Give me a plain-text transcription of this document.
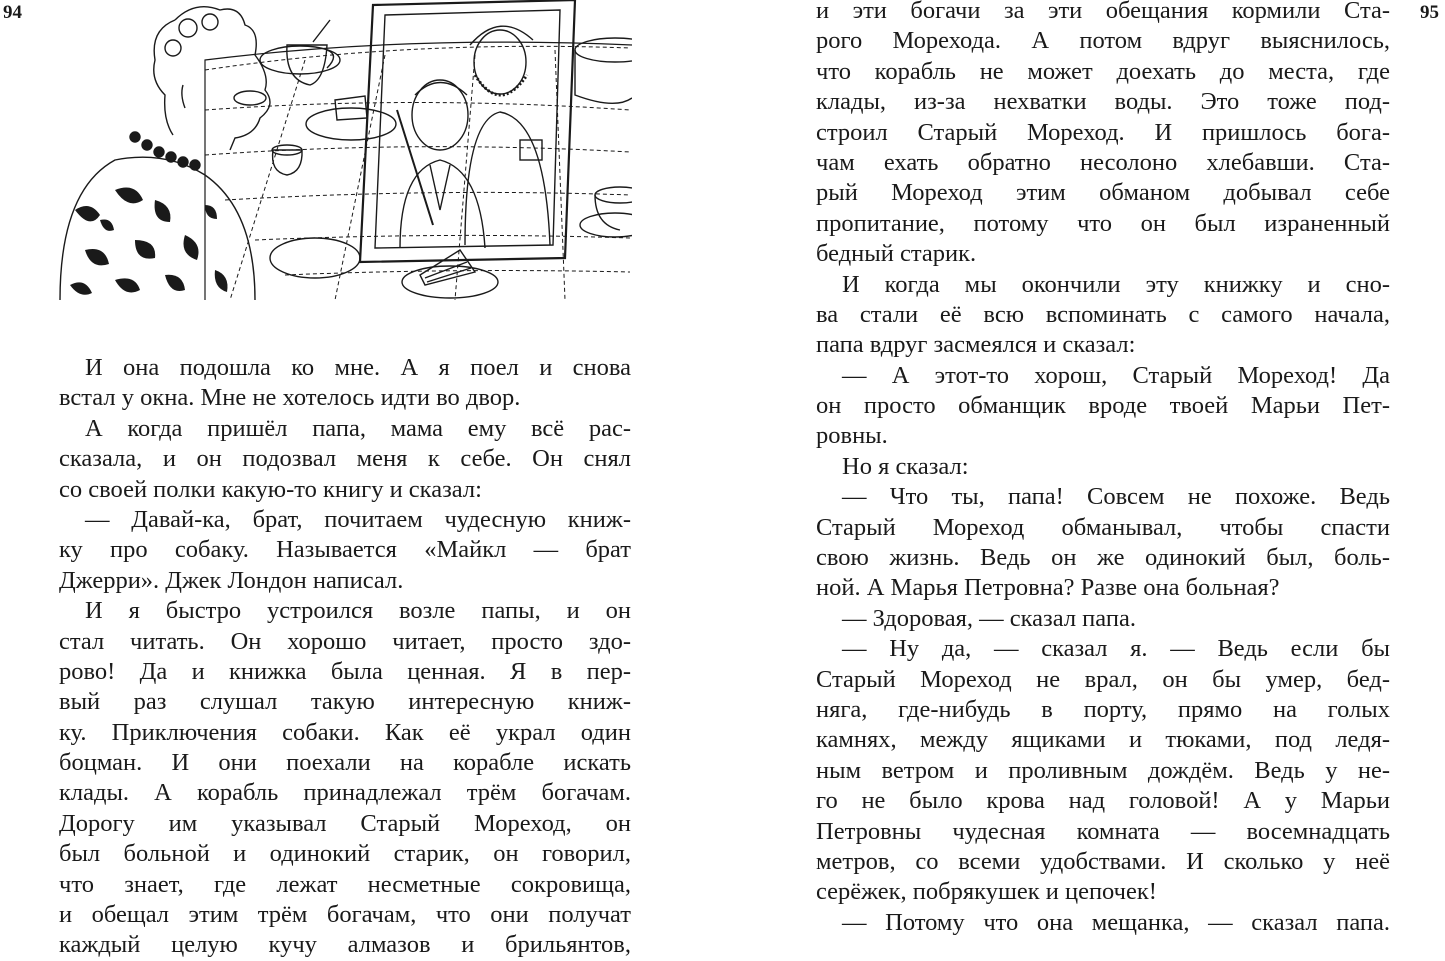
94	95
И она подошла ко мне. А я поел и снова
встал у окна. Мне не хотелось идти во двор.
А когда пришёл папа, мама ему всё рас-
сказала, и он подозвал меня к себе. Он снял
со своей полки какую-то книгу и сказал:
— Давай-ка, брат, почитаем чудесную книж-
ку про собаку. Называется «Майкл — брат
Джерри». Джек Лондон написал.
И я быстро устроился возле папы, и он
стал читать. Он хорошо читает, просто здо-
рово! Да и книжка была ценная. Я в пер-
вый раз слушал такую интересную книж-
ку. Приключения собаки. Как её украл один
боцман. И они поехали на корабле искать
клады. А корабль принадлежал трём богачам.
Дорогу им указывал Старый Мореход, он
был больной и одинокий старик, он говорил,
что знает, где лежат несметные сокровища,
и обещал этим трём богачам, что они получат
каждый целую кучу алмазов и брильянтов,
и эти богачи за эти обещания кормили Ста-
рого Морехода. А потом вдруг выяснилось,
что корабль не может доехать до места, где
клады, из-за нехватки воды. Это тоже под-
строил Старый Мореход. И пришлось бога-
чам ехать обратно несолоно хлебавши. Ста-
рый Мореход этим обманом добывал себе
пропитание, потому что он был израненный
бедный старик.
И когда мы окончили эту книжку и сно-
ва стали её всю вспоминать с самого начала,
папа вдруг засмеялся и сказал:
— А этот-то хорош, Старый Мореход! Да
он просто обманщик вроде твоей Марьи Пет-
ровны.
Но я сказал:
— Что ты, папа! Совсем не похоже. Ведь
Старый Мореход обманывал, чтобы спасти
свою жизнь. Ведь он же одинокий был, боль-
ной. А Марья Петровна? Разве она больная?
— Здоровая, — сказал папа.
— Ну да, — сказал я. — Ведь если бы
Старый Мореход не врал, он бы умер, бед-
няга, где-нибудь в порту, прямо на голых
камнях, между ящиками и тюками, под ледя-
ным ветром и проливным дождём. Ведь у не-
го не было крова над головой! А у Марьи
Петровны чудесная комната — восемнадцать
метров, со всеми удобствами. И сколько у неё
серёжек, побрякушек и цепочек!
— Потому что она мещанка, — сказал папа.
